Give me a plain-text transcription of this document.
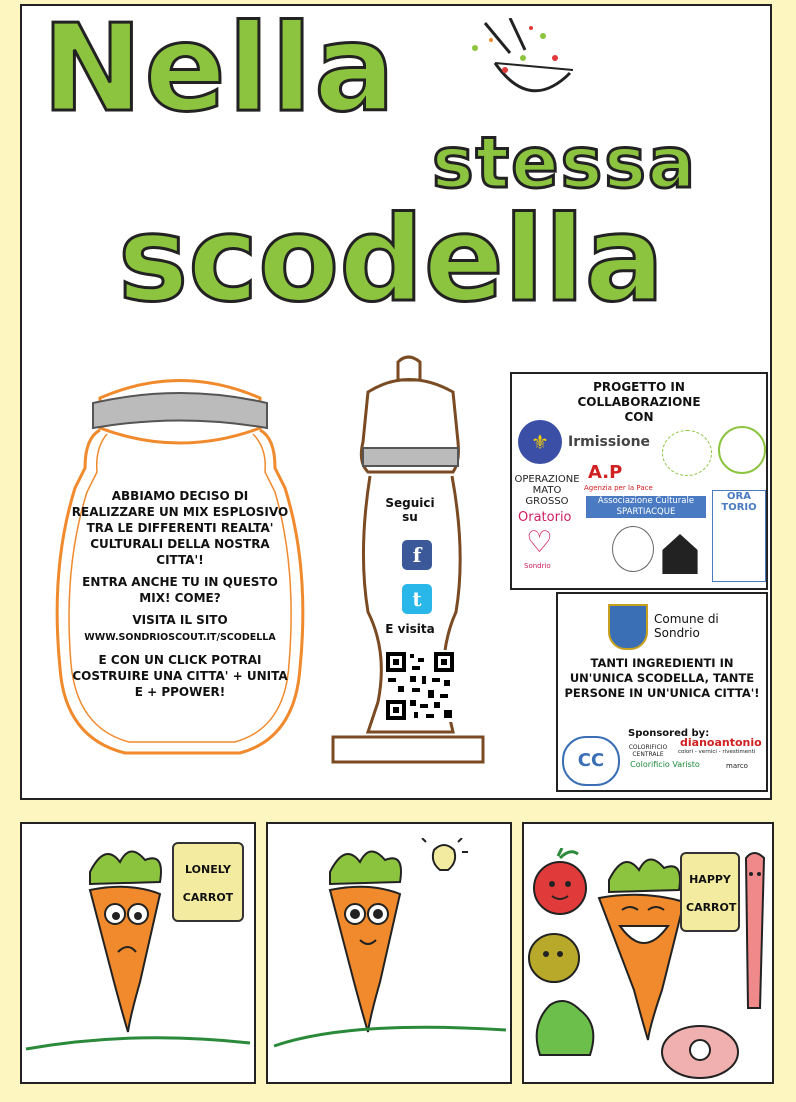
Nella
stessa
scodella

ABBIAMO DECISO DI REALIZZARE UN MIX ESPLOSIVO TRA LE DIFFERENTI REALTA' CULTURALI DELLA NOSTRA CITTA'!

ENTRA ANCHE TU IN QUESTO MIX! COME?

VISITA IL SITO

WWW.SONDRIOSCOUT.IT/SCODELLA

E CON UN CLICK POTRAI COSTRUIRE UNA CITTA' + UNITA E + PPOWER!

Seguici su
f
t
E visita
PROGETTO IN COLLABORAZIONE CON
⚜	Irmissione
OPERAZIONE MATO GROSSO
A.P
Agenzia per la Pace
Associazione Culturale SPARTIACQUE
Oratorio
Sondrio
♡
ORA TORIO
Comune di Sondrio
TANTI INGREDIENTI IN UN'UNICA SCODELLA, TANTE PERSONE IN UN'UNICA CITTA'!
Sponsored by:
CC
COLORIFICIO CENTRALE
dianoantonio
colori - vernici - rivestimenti
Colorificio Varisto	marco
LONELY CARROT
HAPPY CARROT
